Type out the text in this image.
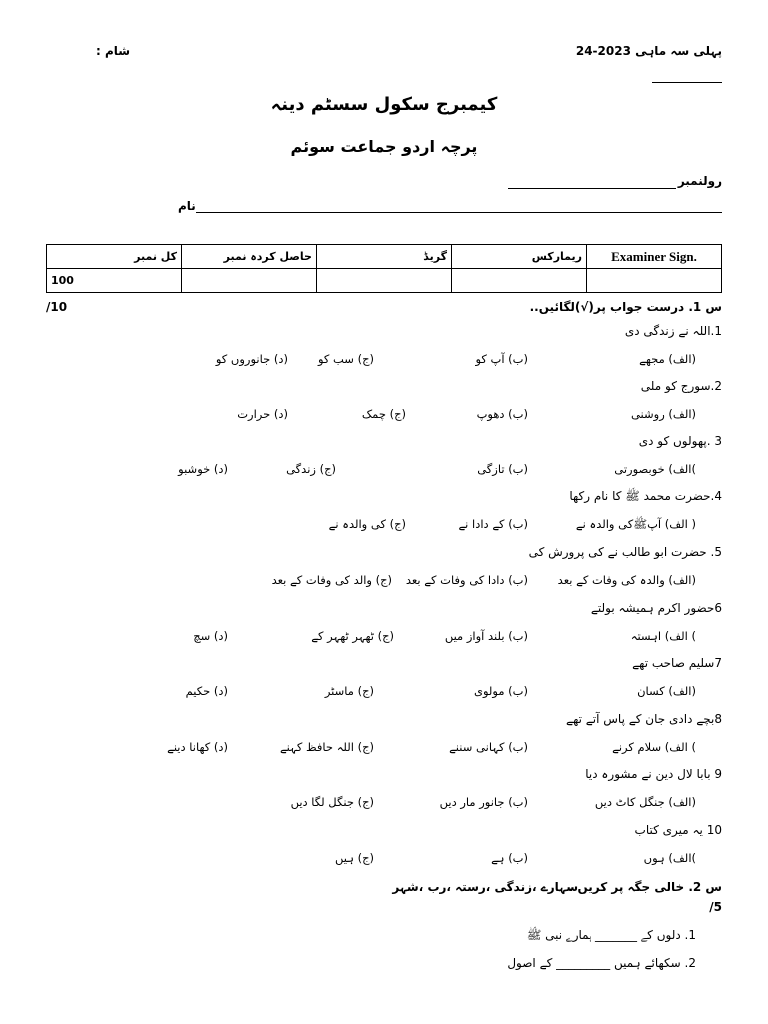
پہلی سہ ماہی 2023-24
شام :
کیمبرج سکول سسٹم دینہ
پرچہ اردو جماعت سوئم
رولنمبر
نام
کل نمبر	حاصل کردہ نمبر	گریڈ	ریمارکس	Examiner Sign.
100				
س 1. درست جواب پر(√)لگائیں..
/10
1.اللہ نے زندگی دی
(الف) مجھے
(ب) آپ کو
(ج) سب کو
(د) جانوروں کو
2.سورج کو ملی
(الف) روشنی
(ب) دھوپ
(ج) چمک
(د) حرارت
3 .پھولوں کو دی
)الف) خوبصورتی
(ب) تازگی
(ج) زندگی
(د) خوشبو
4.حضرت محمد ﷺ کا نام رکھا
( الف) آپﷺکی والدہ نے
(ب) کے دادا نے
(ج) کی والدہ نے
5. حضرت ابو طالب نے کی پرورش کی
(الف) والدہ کی وفات کے بعد
(ب) دادا کی وفات کے بعد
(ج) والد کی وفات کے بعد
6حضور اکرم ہمیشہ بولتے
) الف) اہستہ
(ب) بلند آواز میں
(ج) ٹھہر ٹھہر کے
(د) سچ
7سلیم صاحب تھے
(الف) کسان
(ب) مولوی
(ج) ماسٹر
(د) حکیم
8بچے دادی جان کے پاس آتے تھے
) الف) سلام کرنے
(ب) کہانی سننے
(ج) اللہ حافظ کہنے
(د) کھانا دینے
9 بابا لال دین نے مشورہ دیا
(الف) جنگل کاٹ دیں
(ب) جانور مار دیں
(ج) جنگل لگا دیں
10 یہ میری کتاب
)الف) ہوں
(ب) ہے
(ج) ہیں
س 2. خالی جگہ پر کریں .
سہارے ،زندگی ،رستہ ،رب ،شہر
/5
1. دلوں کے _______ ہمارے نبی ﷺ
2. سکھائے ہمیں _________ کے اصول
